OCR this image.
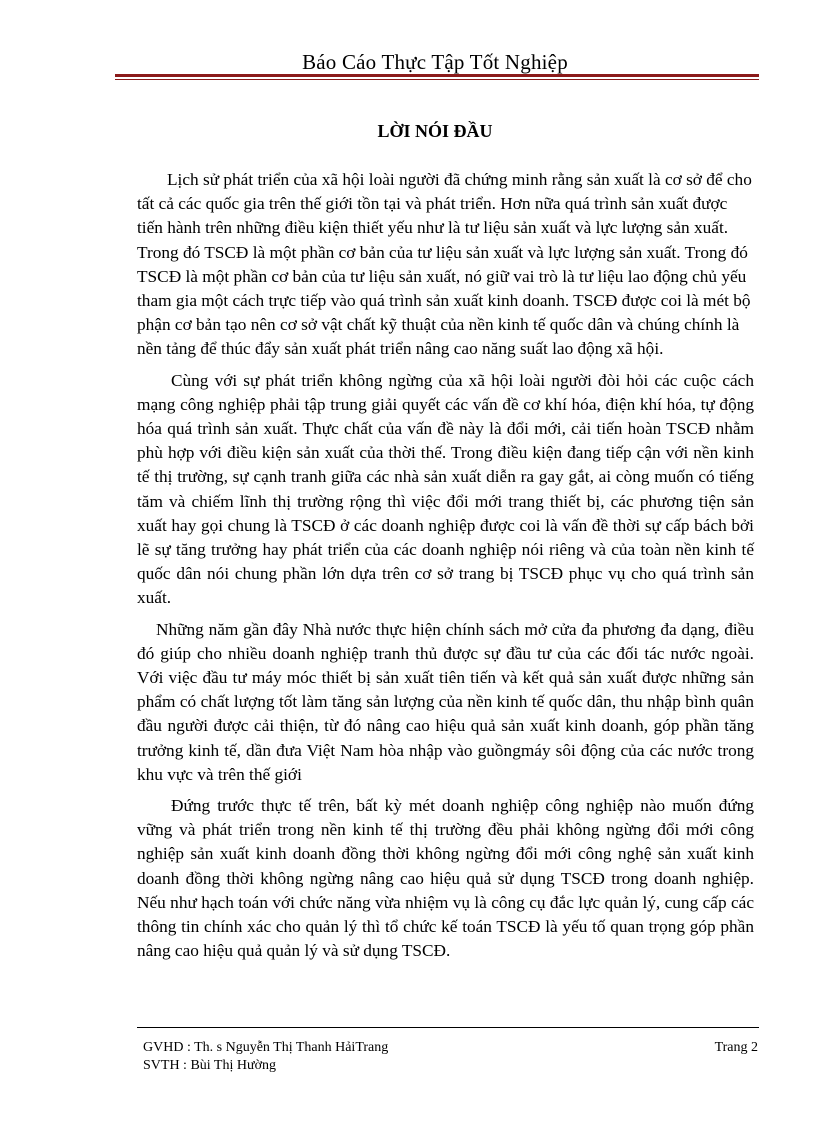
Báo Cáo Thực Tập Tốt Nghiệp
LỜI NÓI ĐẦU

Lịch sử phát triển của xã hội loài người đã chứng minh rằng sản xuất là cơ sở để cho tất cả các quốc gia trên thế giới tồn tại và phát triển. Hơn nữa quá trình sản xuất được tiến hành trên những điều kiện thiết yếu như là tư liệu sản xuất và lực lượng sản xuất. Trong đó TSCĐ là một phần cơ bản của tư liệu sản xuất và lực lượng sản xuất. Trong đó TSCĐ là một phần cơ bản của tư liệu sản xuất, nó giữ vai trò là tư liệu lao động chủ yếu tham gia một cách trực tiếp vào quá trình sản xuất kinh doanh. TSCĐ được coi là mét bộ phận cơ bản tạo nên cơ sở vật chất kỹ thuật của nền kinh tế quốc dân và chúng chính là nền tảng để thúc đẩy sản xuất phát triển nâng cao năng suất lao động xã hội.

Cùng với sự phát triển không ngừng của xã hội loài người đòi hỏi các cuộc cách mạng công nghiệp phải tập trung giải quyết các vấn đề cơ khí hóa, điện khí hóa, tự động hóa quá trình sản xuất. Thực chất của vấn đề này là đổi mới, cải tiến hoàn TSCĐ nhằm phù hợp với điều kiện sản xuất của thời thế. Trong điều kiện đang tiếp cận với nền kinh tế thị trường, sự cạnh tranh giữa các nhà sản xuất diễn ra gay gắt, ai còng muốn có tiếng tăm và chiếm lĩnh thị trường rộng thì việc đổi mới trang thiết bị, các phương tiện sản xuất hay gọi chung là TSCĐ ở các doanh nghiệp được coi là vấn đề thời sự cấp bách bởi lẽ sự tăng trưởng hay phát triển của các doanh nghiệp nói riêng và của toàn nền kinh tế quốc dân nói chung phần lớn dựa trên cơ sở trang bị TSCĐ phục vụ cho quá trình sản xuất.

Những năm gần đây Nhà nước thực hiện chính sách mở cửa đa phương đa dạng, điều đó giúp cho nhiều doanh nghiệp tranh thủ được sự đầu tư của các đối tác nước ngoài. Với việc đầu tư máy móc thiết bị sản xuất tiên tiến và kết quả sản xuất được những sản phẩm có chất lượng tốt làm tăng sản lượng của nền kinh tế quốc dân, thu nhập bình quân đầu người được cải thiện, từ đó nâng cao hiệu quả sản xuất kinh doanh, góp phần tăng trưởng kinh tế, dần đưa Việt Nam hòa nhập vào guồngmáy sôi động của các nước trong khu vực và trên thế giới

Đứng trước thực tế trên, bất kỳ mét doanh nghiệp công nghiệp nào muốn đứng vững và phát triển trong nền kinh tế thị trường đều phải không ngừng đổi mới công nghiệp sản xuất kinh doanh đồng thời không ngừng đổi mới công nghệ sản xuất kinh doanh đồng thời không ngừng nâng cao hiệu quả sử dụng TSCĐ trong doanh nghiệp. Nếu như hạch toán với chức năng vừa nhiệm vụ là công cụ đắc lực quản lý, cung cấp các thông tin chính xác cho quản lý thì tổ chức kế toán TSCĐ là yếu tố quan trọng góp phần nâng cao hiệu quả quản lý và sử dụng TSCĐ.

GVHD : Th. s Nguyễn Thị Thanh HảiTrang	Trang 2
SVTH : Bùi Thị Hường
